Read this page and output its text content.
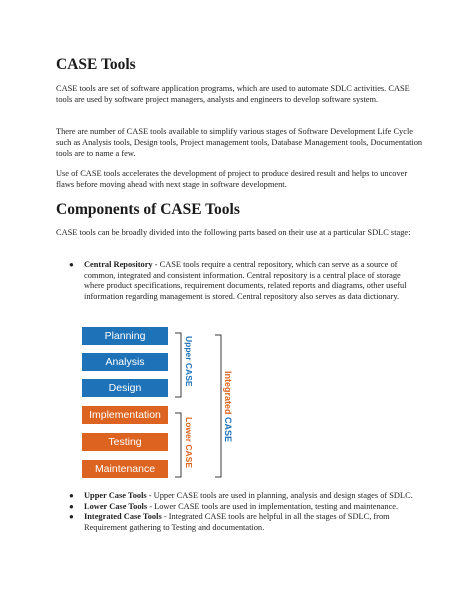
CASE Tools

CASE tools are set of software application programs, which are used to automate SDLC activities. CASE tools are used by software project managers, analysts and engineers to develop software system.

There are number of CASE tools available to simplify various stages of Software Development Life Cycle such as Analysis tools, Design tools, Project management tools, Database Management tools, Documentation tools are to name a few.

Use of CASE tools accelerates the development of project to produce desired result and helps to uncover flaws before moving ahead with next stage in software development.

Components of CASE Tools

CASE tools can be broadly divided into the following parts based on their use at a particular SDLC stage:

● Central Repository - CASE tools require a central repository, which can serve as a source of common, integrated and consistent information. Central repository is a central place of storage where product specifications, requirement documents, related reports and diagrams, other useful information regarding management is stored. Central repository also serves as data dictionary.
Planning
Analysis
Design
Implementation
Testing
Maintenance
Upper CASE
Lower CASE
Integrated CASE
● Upper Case Tools - Upper CASE tools are used in planning, analysis and design stages of SDLC.
● Lower Case Tools - Lower CASE tools are used in implementation, testing and maintenance.
● Integrated Case Tools - Integrated CASE tools are helpful in all the stages of SDLC, from Requirement gathering to Testing and documentation.
